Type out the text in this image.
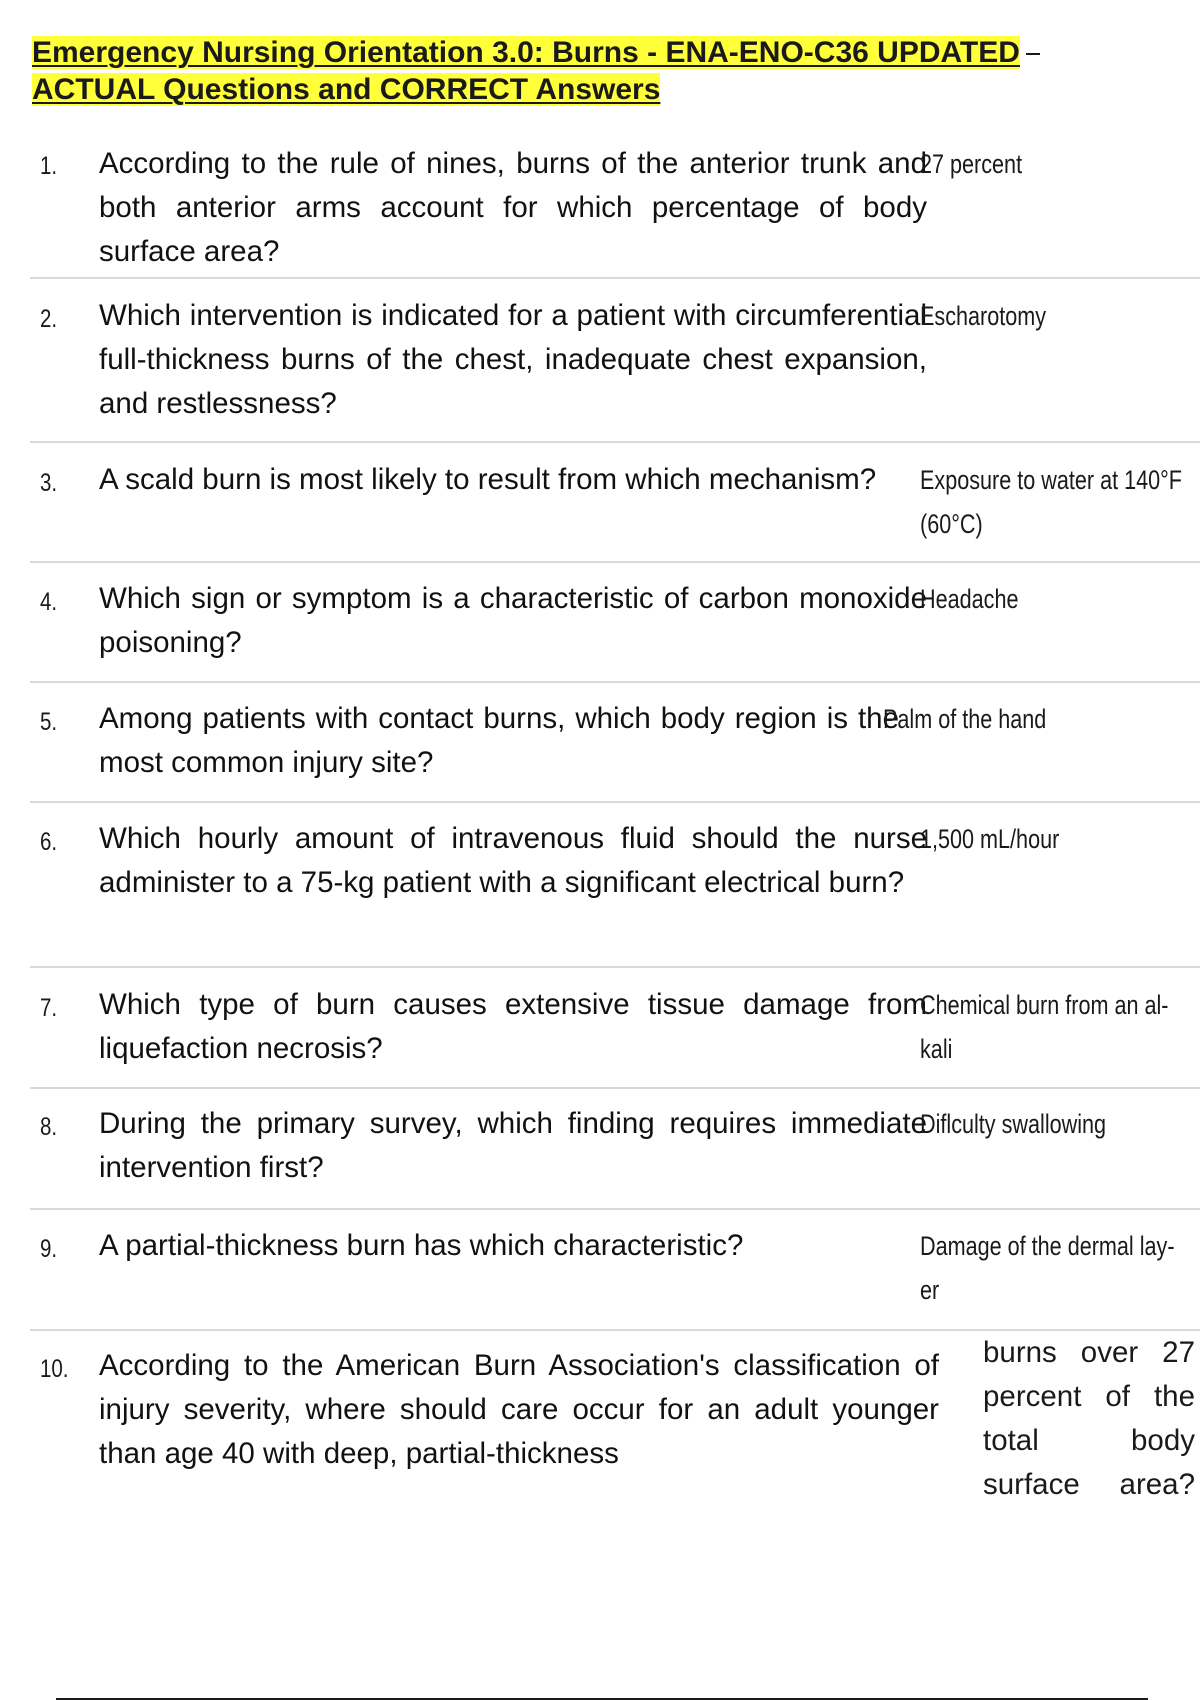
Emergency Nursing Orientation 3.0: Burns - ENA-ENO-C36 UPDATED
ACTUAL Questions and CORRECT Answers
1. According to the rule of nines, burns of the anterior trunk and both anterior arms account for which percentage of body surface area?
27 percent
2. Which intervention is indicated for a patient with circumferential full-thickness burns of the chest, inadequate chest expansion, and restlessness?
Escharotomy
3. A scald burn is most likely to result from which mechanism?	Exposure to water at 140°F
(60°C)
4. Which sign or symptom is a characteristic of carbon monoxide poisoning?
Headache
5. Among patients with contact burns, which body region is the most common injury site?
Palm of the hand
6. Which hourly amount of intravenous fluid should the nurse administer to a 75-kg patient with a significant electrical burn?
1,500 mL/hour
7. Which type of burn causes extensive tissue damage from liquefaction necrosis?
Chemical burn from an al-
kali
8. During the primary survey, which finding requires immediate intervention first?
Diflculty swallowing
9. A partial-thickness burn has which characteristic?	Damage of the dermal lay-
er
10. According to the American Burn Association's classification of injury severity, where should care occur for an adult younger than age 40 with deep, partial-thickness
burns over 27 percent of the total body surface area?
